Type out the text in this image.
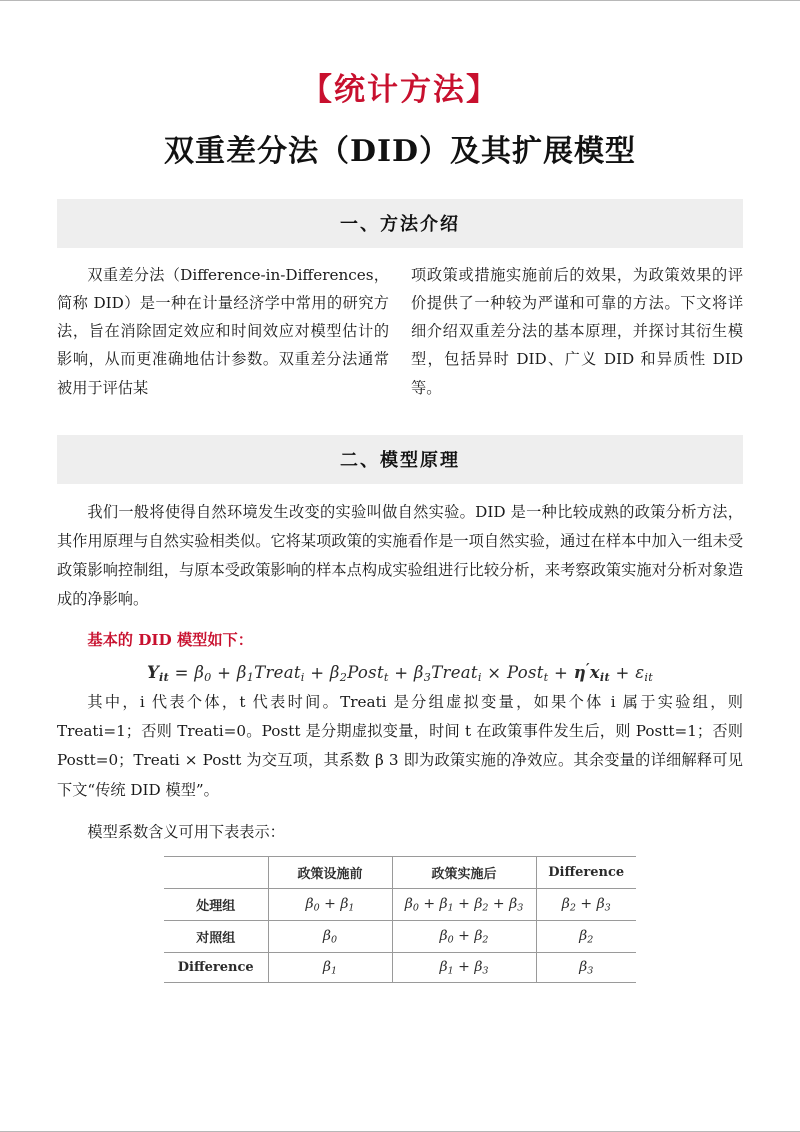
【统计方法】
双重差分法（DID）及其扩展模型
一、方法介绍
双重差分法（Difference-in-Differences，简称 DID）是一种在计量经济学中常用的研究方法，旨在消除固定效应和时间效应对模型估计的影响，从而更准确地估计参数。双重差分法通常被用于评估某
项政策或措施实施前后的效果，为政策效果的评价提供了一种较为严谨和可靠的方法。下文将详细介绍双重差分法的基本原理，并探讨其衍生模型，包括异时 DID、广义 DID 和异质性 DID 等。
二、模型原理

我们一般将使得自然环境发生改变的实验叫做自然实验。DID 是一种比较成熟的政策分析方法，其作用原理与自然实验相类似。它将某项政策的实施看作是一项自然实验，通过在样本中加入一组未受政策影响控制组，与原本受政策影响的样本点构成实验组进行比较分析，来考察政策实施对分析对象造成的净影响。

基本的 DID 模型如下：
$Y_{it} = \beta_0$ + $\beta_1Treat_i$ + $\beta_2Post_t$ + $\beta_3Treat_i$ × Post$_t$ + $\eta'x_{it} + \varepsilon_{it}$

其中，i 代表个体，t 代表时间。Treati 是分组虚拟变量，如果个体 i 属于实验组，则 Treati=1；否则 Treati=0。Postt 是分期虚拟变量，时间 t 在政策事件发生后，则 Postt=1；否则 Postt=0；Treati × Postt 为交互项，其系数 β 3 即为政策实施的净效应。其余变量的详细解释可见下文“传统 DID 模型”。

模型系数含义可用下表表示：
	政策设施前	政策实施后	Difference
处理组	$\beta_0 + \beta_1$	$\beta_0 + \beta_1 + \beta_2 + \beta_3$	$\beta_2 + \beta_3$
对照组	$\beta_0$	$\beta_0 + \beta_2$	$\beta_2$
Difference	$\beta_1$	$\beta_1 + \beta_3$	$\beta_3$
